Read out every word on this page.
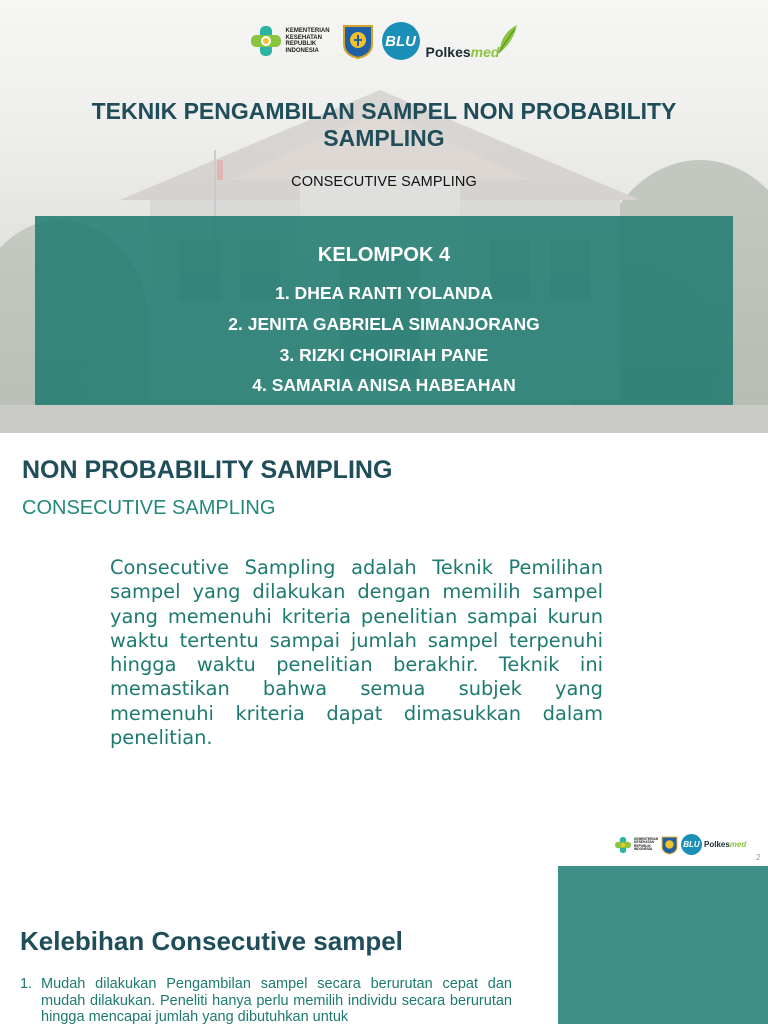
KEMENTERIAN
KESEHATAN
REPUBLIK
INDONESIA
BLU
Polkes med
TEKNIK PENGAMBILAN SAMPEL NON PROBABILITY SAMPLING
CONSECUTIVE SAMPLING
KELOMPOK 4
1. DHEA RANTI YOLANDA
2. JENITA GABRIELA SIMANJORANG
3. RIZKI CHOIRIAH PANE
4. SAMARIA ANISA HABEAHAN
NON PROBABILITY SAMPLING
CONSECUTIVE SAMPLING

Consecutive Sampling adalah Teknik Pemilihan sampel yang dilakukan dengan memilih sampel yang memenuhi kriteria penelitian sampai kurun waktu tertentu sampai jumlah sampel terpenuhi hingga waktu penelitian berakhir. Teknik ini memastikan bahwa semua subjek yang memenuhi kriteria dapat dimasukkan dalam penelitian.

KEMENTERIAN
KESEHATAN
REPUBLIK
INDONESIA	BLU Polkesmed
2
Kelebihan Consecutive sampel
1. Mudah dilakukan Pengambilan sampel secara berurutan cepat dan mudah dilakukan. Peneliti hanya perlu memilih individu secara berurutan hingga mencapai jumlah yang dibutuhkan untuk
